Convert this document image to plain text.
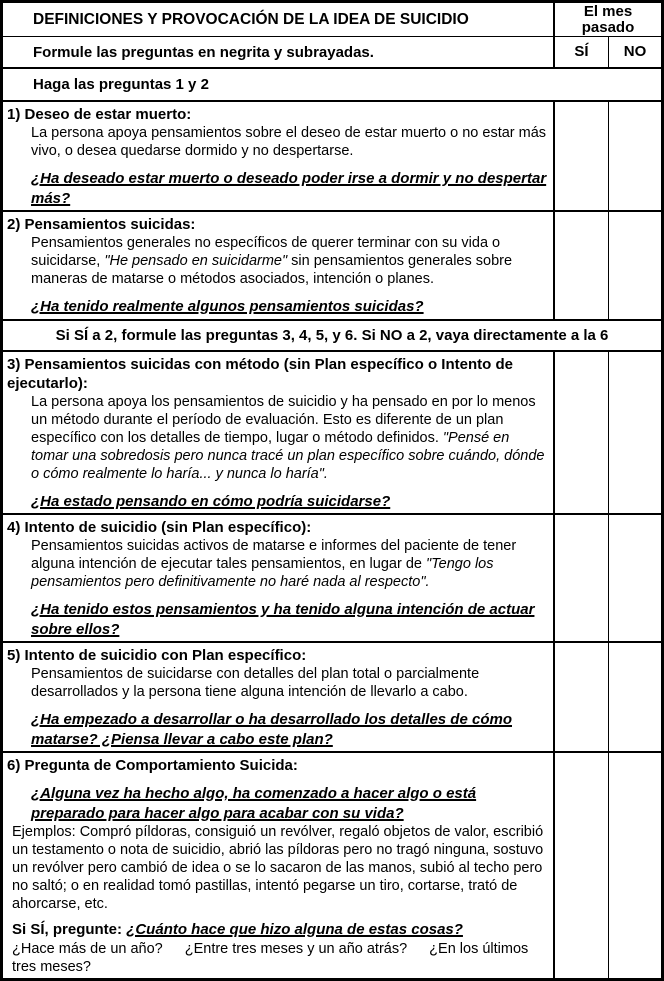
DEFINICIONES Y PROVOCACIÓN DE LA IDEA DE SUICIDIO	El mes pasado
Formule las preguntas en negrita y subrayadas.	SÍ NO
Haga las preguntas 1 y 2
1) Deseo de estar muerto:
La persona apoya pensamientos sobre el deseo de estar muerto o no estar más vivo, o desea quedarse dormido y no despertarse.
¿Ha deseado estar muerto o deseado poder irse a dormir y no despertar más?
2) Pensamientos suicidas:
Pensamientos generales no específicos de querer terminar con su vida o suicidarse, "He pensado en suicidarme" sin pensamientos generales sobre maneras de matarse o métodos asociados, intención o planes.
¿Ha tenido realmente algunos pensamientos suicidas?
Si SÍ a 2, formule las preguntas 3, 4, 5, y 6. Si NO a 2, vaya directamente a la 6
3) Pensamientos suicidas con método (sin Plan específico o Intento de ejecutarlo):
La persona apoya los pensamientos de suicidio y ha pensado en por lo menos un método durante el período de evaluación. Esto es diferente de un plan específico con los detalles de tiempo, lugar o método definidos. "Pensé en tomar una sobredosis pero nunca tracé un plan específico sobre cuándo, dónde o cómo realmente lo haría... y nunca lo haría".
¿Ha estado pensando en cómo podría suicidarse?
4) Intento de suicidio (sin Plan específico):
Pensamientos suicidas activos de matarse e informes del paciente de tener alguna intención de ejecutar tales pensamientos, en lugar de "Tengo los pensamientos pero definitivamente no haré nada al respecto".
¿Ha tenido estos pensamientos y ha tenido alguna intención de actuar sobre ellos?
5) Intento de suicidio con Plan específico:
Pensamientos de suicidarse con detalles del plan total o parcialmente desarrollados y la persona tiene alguna intención de llevarlo a cabo.
¿Ha empezado a desarrollar o ha desarrollado los detalles de cómo matarse? ¿Piensa llevar a cabo este plan?
6) Pregunta de Comportamiento Suicida:
¿Alguna vez ha hecho algo, ha comenzado a hacer algo o está preparado para hacer algo para acabar con su vida?
Ejemplos: Compró píldoras, consiguió un revólver, regaló objetos de valor, escribió un testamento o nota de suicidio, abrió las píldoras pero no tragó ninguna, sostuvo un revólver pero cambió de idea o se lo sacaron de las manos, subió al techo pero no saltó; o en realidad tomó pastillas, intentó pegarse un tiro, cortarse, trató de ahorcarse, etc.
Si SÍ, pregunte: ¿Cuánto hace que hizo alguna de estas cosas?
¿Hace más de un año? ¿Entre tres meses y un año atrás? ¿En los últimos tres meses?
